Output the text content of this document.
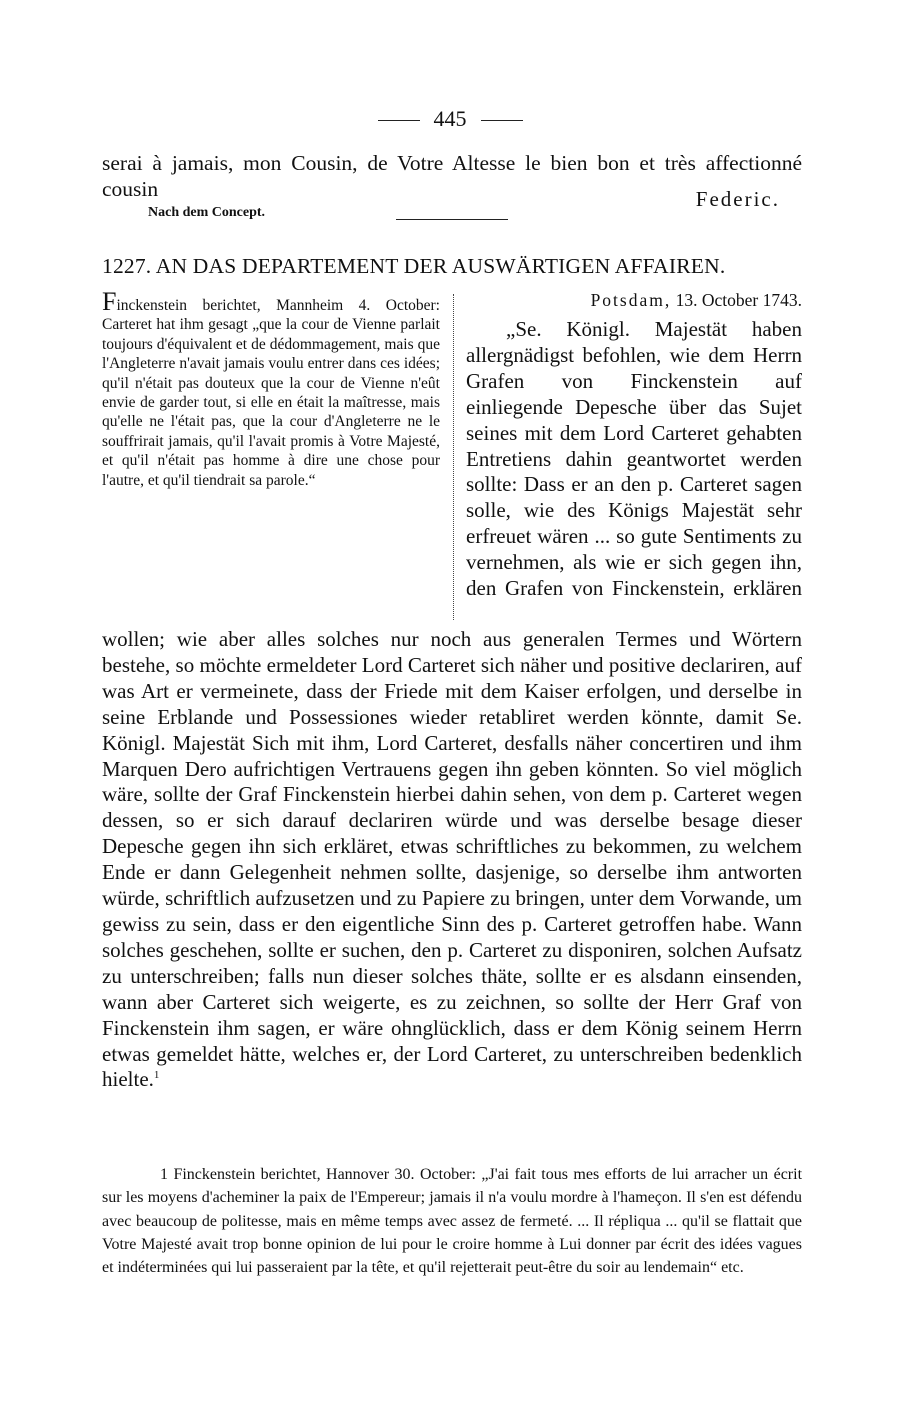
445
serai à jamais, mon Cousin, de Votre Altesse le bien bon et très affectionné cousin	Federic.
Nach dem Concept.
1227. AN DAS DEPARTEMENT DER AUSWÄRTIGEN AFFAIREN.
Finckenstein berichtet, Mannheim 4. October: Carteret hat ihm gesagt „que la cour de Vienne parlait toujours d'équivalent et de dédommagement, mais que l'Angleterre n'avait jamais voulu entrer dans ces idées; qu'il n'était pas douteux que la cour de Vienne n'eût envie de garder tout, si elle en était la maîtresse, mais qu'elle ne l'était pas, que la cour d'Angleterre ne le souffrirait jamais, qu'il l'avait promis à Votre Majesté, et qu'il n'était pas homme à dire une chose pour l'autre, et qu'il tiendrait sa parole.“
Potsdam, 13. October 1743.
„Se. Königl. Majestät haben allergnädigst befohlen, wie dem Herrn Grafen von Finckenstein auf einliegende Depesche über das Sujet seines mit dem Lord Carteret gehabten Entretiens dahin geantwortet werden sollte: Dass er an den p. Carteret sagen solle, wie des Königs Majestät sehr erfreuet wären ... so gute Sentiments zu vernehmen, als wie er sich gegen ihn, den Grafen von Finckenstein, erklären
wollen; wie aber alles solches nur noch aus generalen Termes und Wörtern bestehe, so möchte ermeldeter Lord Carteret sich näher und positive declariren, auf was Art er vermeinete, dass der Friede mit dem Kaiser erfolgen, und derselbe in seine Erblande und Possessiones wieder retabliret werden könnte, damit Se. Königl. Majestät Sich mit ihm, Lord Carteret, desfalls näher concertiren und ihm Marquen Dero aufrichtigen Vertrauens gegen ihn geben könnten. So viel möglich wäre, sollte der Graf Finckenstein hierbei dahin sehen, von dem p. Carteret wegen dessen, so er sich darauf declariren würde und was derselbe besage dieser Depesche gegen ihn sich erkläret, etwas schriftliches zu bekommen, zu welchem Ende er dann Gelegenheit nehmen sollte, dasjenige, so derselbe ihm antworten würde, schriftlich aufzusetzen und zu Papiere zu bringen, unter dem Vorwande, um gewiss zu sein, dass er den eigentliche Sinn des p. Carteret getroffen habe. Wann solches geschehen, sollte er suchen, den p. Carteret zu disponiren, solchen Aufsatz zu unterschreiben; falls nun dieser solches thäte, sollte er es alsdann einsenden, wann aber Carteret sich weigerte, es zu zeichnen, so sollte der Herr Graf von Finckenstein ihm sagen, er wäre ohnglücklich, dass er dem König seinem Herrn etwas gemeldet hätte, welches er, der Lord Carteret, zu unterschreiben bedenklich hielte.$^1$
1 Finckenstein berichtet, Hannover 30. October: „J'ai fait tous mes efforts de lui arracher un écrit sur les moyens d'acheminer la paix de l'Empereur; jamais il n'a voulu mordre à l'hameçon. Il s'en est défendu avec beaucoup de politesse, mais en même temps avec assez de fermeté. ... Il répliqua ... qu'il se flattait que Votre Majesté avait trop bonne opinion de lui pour le croire homme à Lui donner par écrit des idées vagues et indéterminées qui lui passeraient par la tête, et qu'il rejetterait peut-être du soir au lendemain“ etc.
